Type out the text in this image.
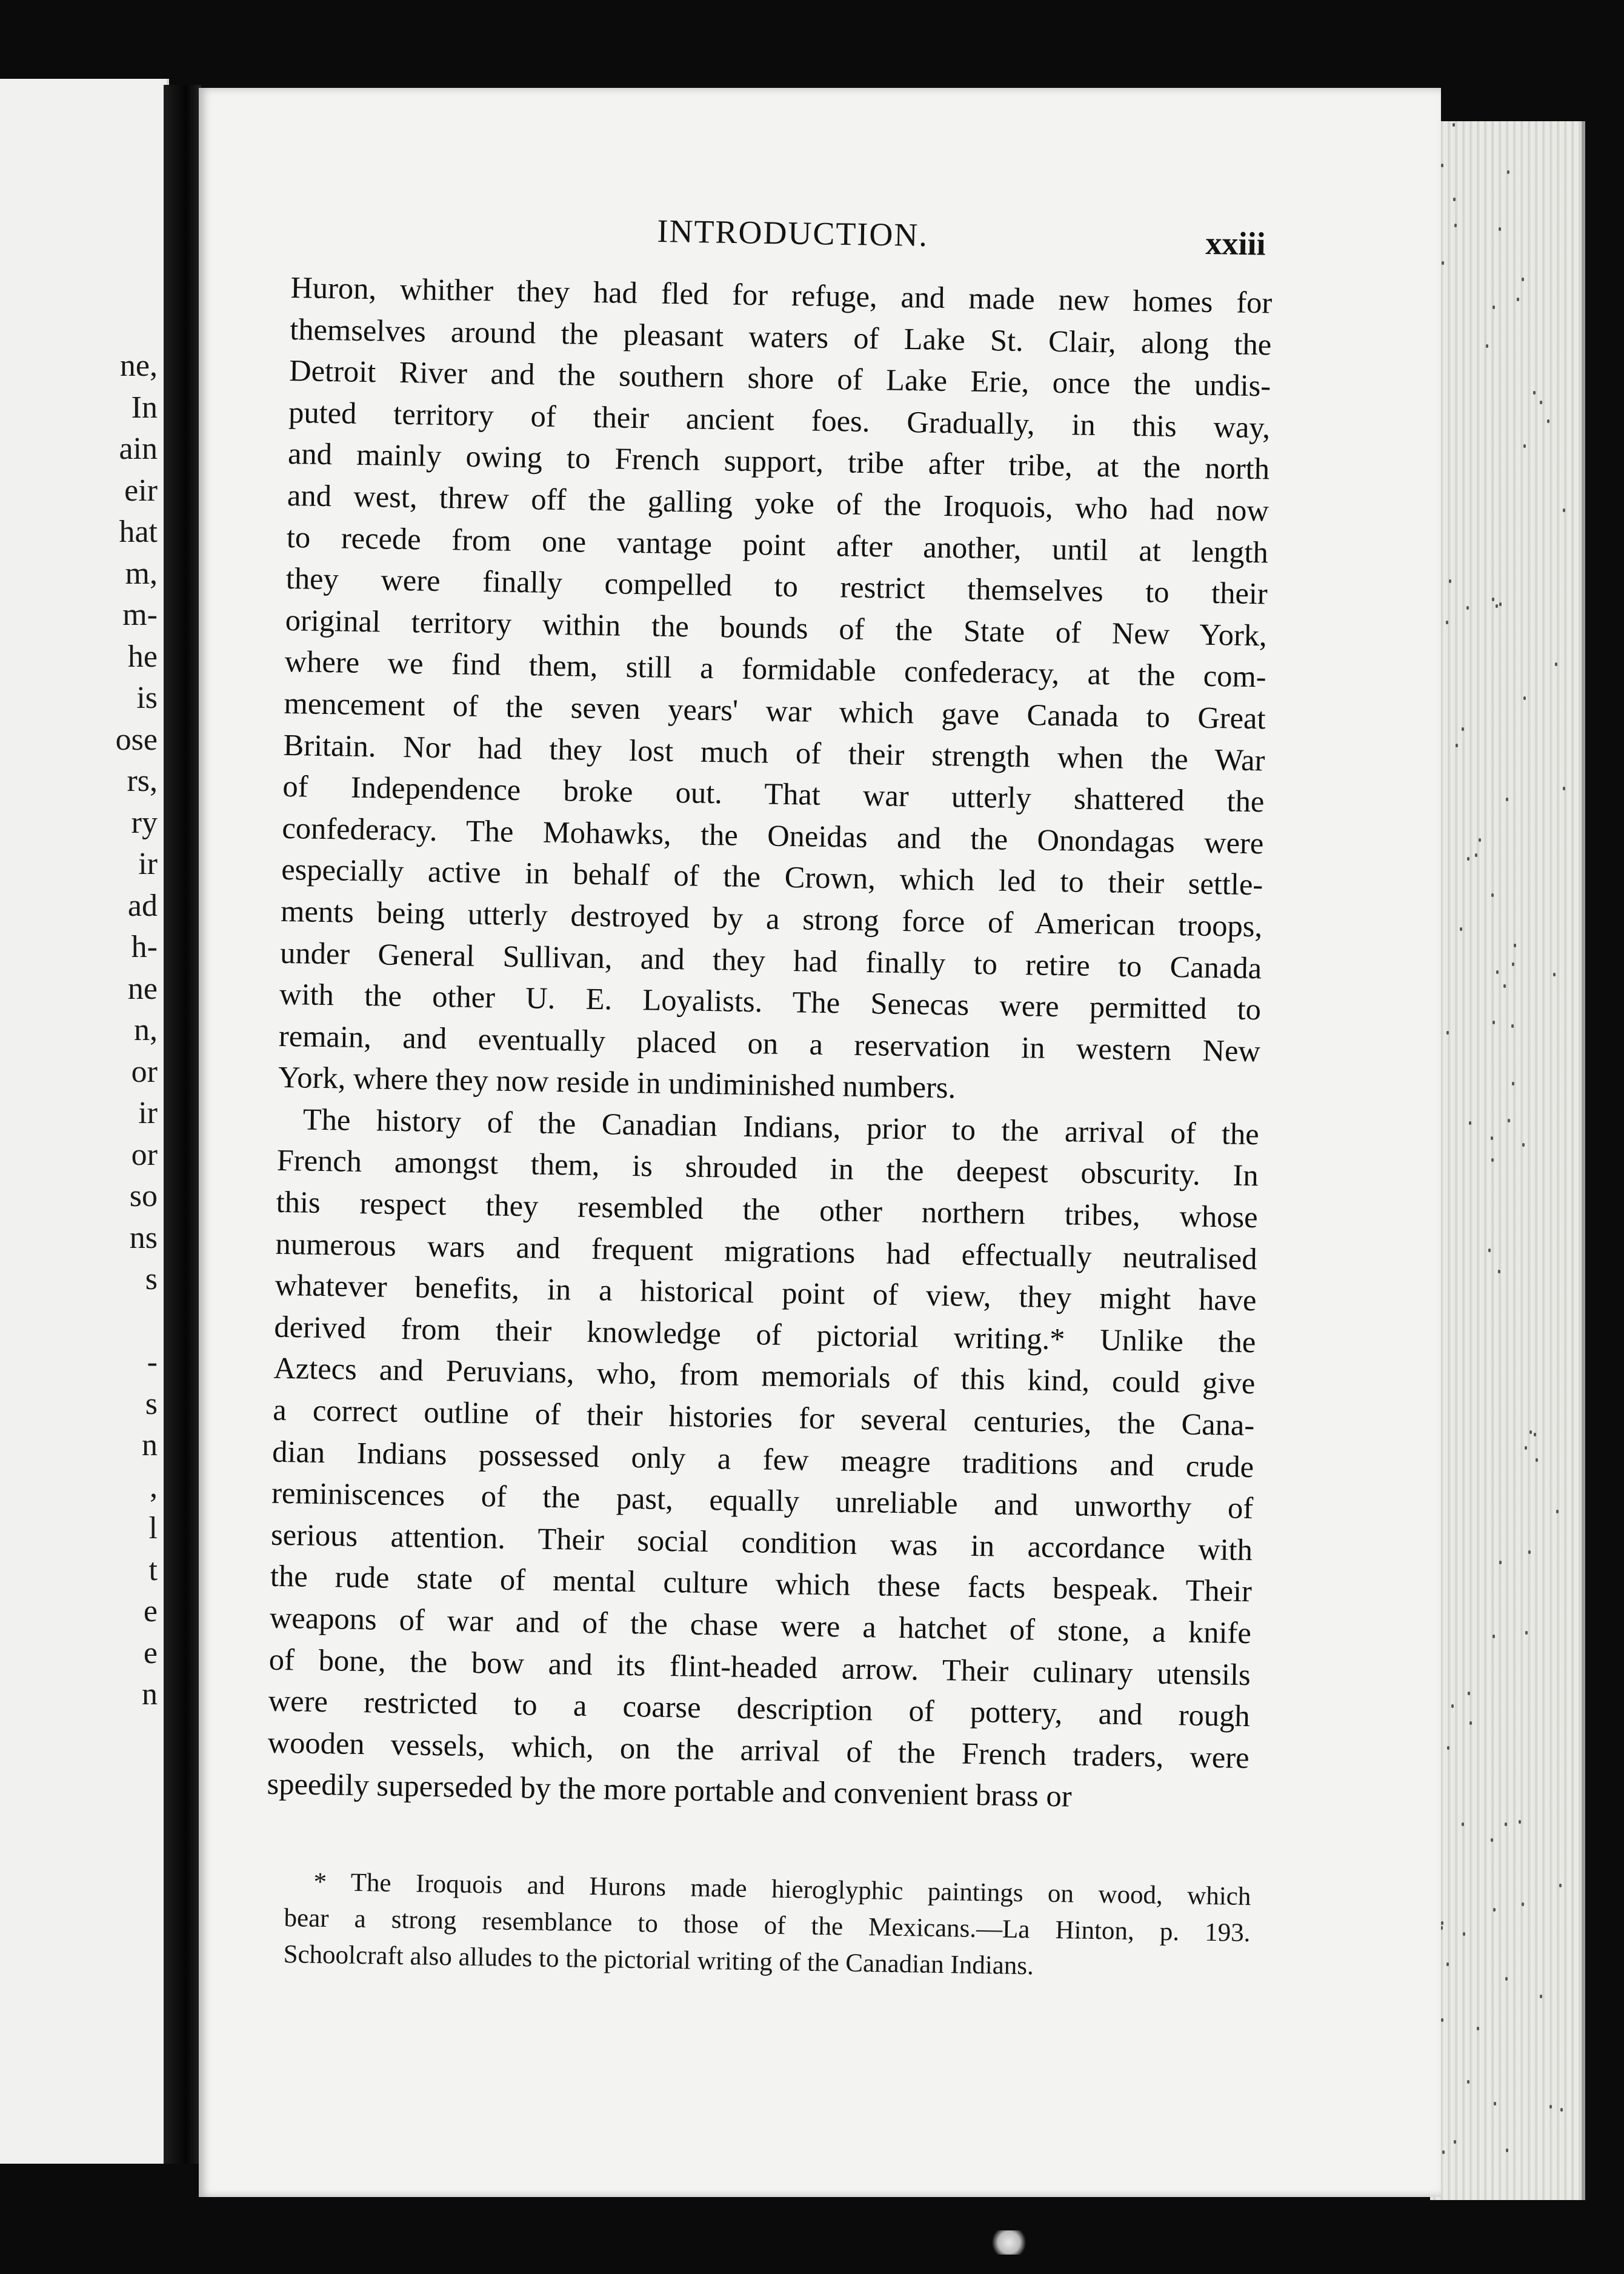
ne,
In
ain
eir
hat
m,
m-
he
is
ose
rs,
ry
ir
ad
h-
ne
n,
or
ir
or
so
ns
s
-
s
n
,
l
t
e
e
n
INTRODUCTION.	xxiii
Huron, whither they had fled for refuge, and made new homes for
themselves around the pleasant waters of Lake St. Clair, along the
Detroit River and the southern shore of Lake Erie, once the undis-
puted territory of their ancient foes. Gradually, in this way,
and mainly owing to French support, tribe after tribe, at the north
and west, threw off the galling yoke of the Iroquois, who had now
to recede from one vantage point after another, until at length
they were finally compelled to restrict themselves to their
original territory within the bounds of the State of New York,
where we find them, still a formidable confederacy, at the com-
mencement of the seven years' war which gave Canada to Great
Britain. Nor had they lost much of their strength when the War
of Independence broke out. That war utterly shattered the
confederacy. The Mohawks, the Oneidas and the Onondagas were
especially active in behalf of the Crown, which led to their settle-
ments being utterly destroyed by a strong force of American troops,
under General Sullivan, and they had finally to retire to Canada
with the other U. E. Loyalists. The Senecas were permitted to
remain, and eventually placed on a reservation in western New
York, where they now reside in undiminished numbers.
The history of the Canadian Indians, prior to the arrival of the
French amongst them, is shrouded in the deepest obscurity. In
this respect they resembled the other northern tribes, whose
numerous wars and frequent migrations had effectually neutralised
whatever benefits, in a historical point of view, they might have
derived from their knowledge of pictorial writing.* Unlike the
Aztecs and Peruvians, who, from memorials of this kind, could give
a correct outline of their histories for several centuries, the Cana-
dian Indians possessed only a few meagre traditions and crude
reminiscences of the past, equally unreliable and unworthy of
serious attention. Their social condition was in accordance with
the rude state of mental culture which these facts bespeak. Their
weapons of war and of the chase were a hatchet of stone, a knife
of bone, the bow and its flint-headed arrow. Their culinary utensils
were restricted to a coarse description of pottery, and rough
wooden vessels, which, on the arrival of the French traders, were
speedily superseded by the more portable and convenient brass or
* The Iroquois and Hurons made hieroglyphic paintings on wood, which
bear a strong resemblance to those of the Mexicans.—La Hinton, p. 193.
Schoolcraft also alludes to the pictorial writing of the Canadian Indians.
